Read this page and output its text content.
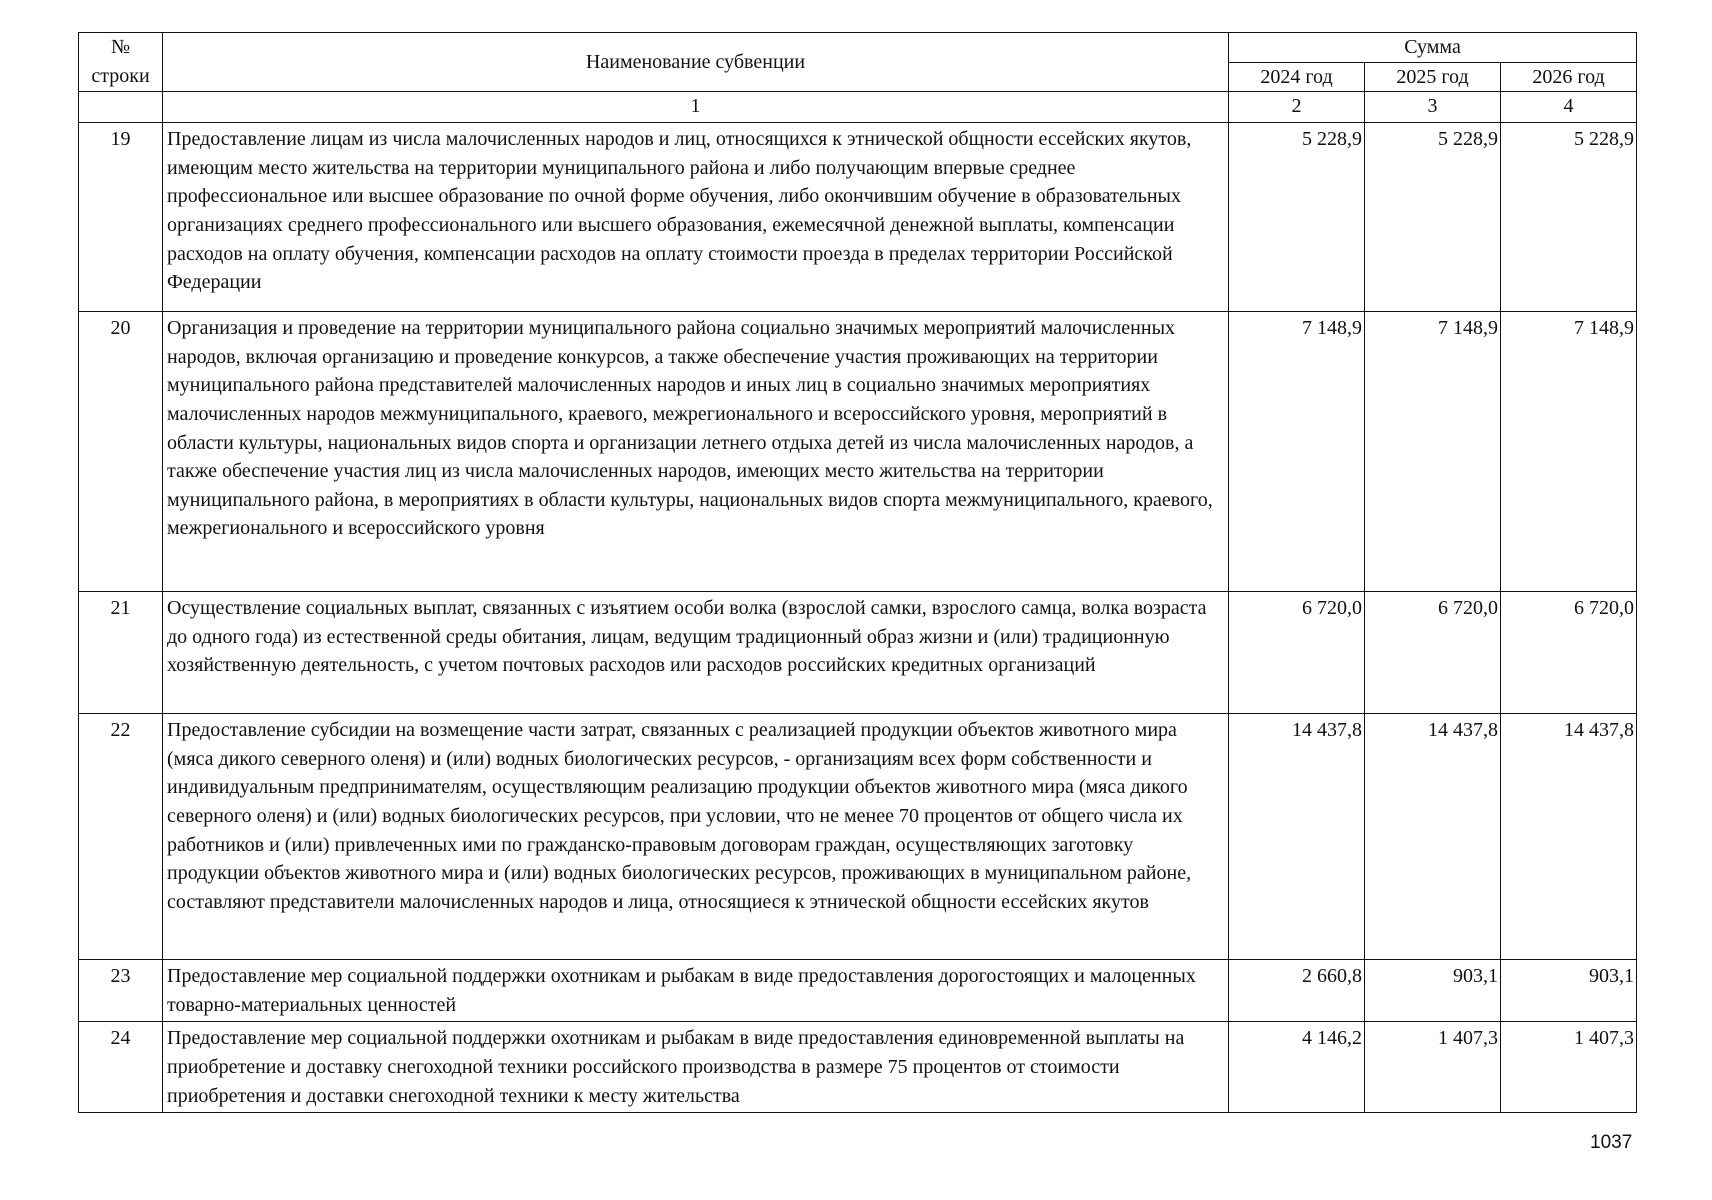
№
строки	Наименование субвенции	Сумма		
		2024 год	2025 год	2026 год
	1	2	3	4
19	Предоставление лицам из числа малочисленных народов и лиц, относящихся к этнической общности ессейских якутов, имеющим место жительства на территории муниципального района и либо получающим впервые среднее профессиональное или высшее образование по очной форме обучения, либо окончившим обучение в образовательных организациях среднего профессионального или высшего образования, ежемесячной денежной выплаты, компенсации расходов на оплату обучения, компенсации расходов на оплату стоимости проезда в пределах территории Российской Федерации	5 228,9	5 228,9	5 228,9
20	Организация и проведение на территории муниципального района социально значимых мероприятий малочисленных народов, включая организацию и проведение конкурсов, а также обеспечение участия проживающих на территории муниципального района представителей малочисленных народов и иных лиц в социально значимых мероприятиях малочисленных народов межмуниципального, краевого, межрегионального и всероссийского уровня, мероприятий в области культуры, национальных видов спорта и организации летнего отдыха детей из числа малочисленных народов, а также обеспечение участия лиц из числа малочисленных народов, имеющих место жительства на территории муниципального района, в мероприятиях в области культуры, национальных видов спорта межмуниципального, краевого, межрегионального и всероссийского уровня	7 148,9	7 148,9	7 148,9
21	Осуществление социальных выплат, связанных с изъятием особи волка (взрослой самки, взрослого самца, волка возраста до одного года) из естественной среды обитания, лицам, ведущим традиционный образ жизни и (или) традиционную хозяйственную деятельность, с учетом почтовых расходов или расходов российских кредитных организаций	6 720,0	6 720,0	6 720,0
22	Предоставление субсидии на возмещение части затрат, связанных с реализацией продукции объектов животного мира (мяса дикого северного оленя) и (или) водных биологических ресурсов, - организациям всех форм собственности и индивидуальным предпринимателям, осуществляющим реализацию продукции объектов животного мира (мяса дикого северного оленя) и (или) водных биологических ресурсов, при условии, что не менее 70 процентов от общего числа их работников и (или) привлеченных ими по гражданско-правовым договорам граждан, осуществляющих заготовку продукции объектов животного мира и (или) водных биологических ресурсов, проживающих в муниципальном районе, составляют представители малочисленных народов и лица, относящиеся к этнической общности ессейских якутов	14 437,8	14 437,8	14 437,8
23	Предоставление мер социальной поддержки охотникам и рыбакам в виде предоставления дорогостоящих и малоценных товарно-материальных ценностей	2 660,8	903,1	903,1
24	Предоставление мер социальной поддержки охотникам и рыбакам в виде предоставления единовременной выплаты на приобретение и доставку снегоходной техники российского производства в размере 75 процентов от стоимости приобретения и доставки снегоходной техники к месту жительства	4 146,2	1 407,3	1 407,3
1037
